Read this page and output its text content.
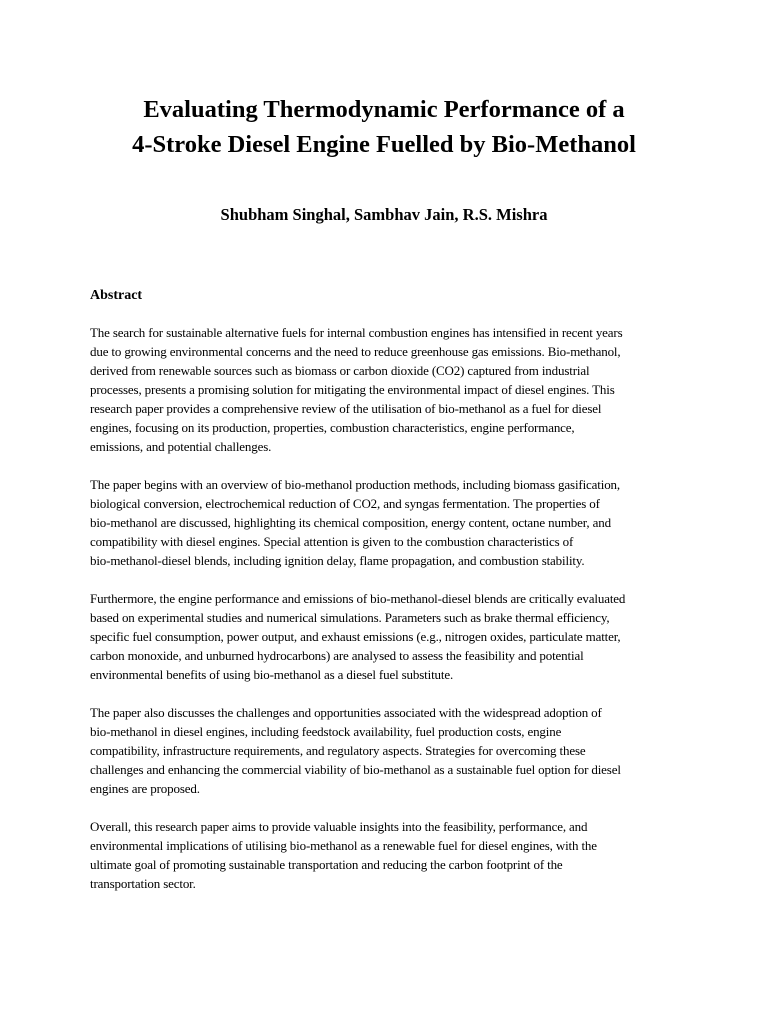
Evaluating Thermodynamic Performance of a
4-Stroke Diesel Engine Fuelled by Bio-Methanol

Shubham Singhal, Sambhav Jain, R.S. Mishra

Abstract

The search for sustainable alternative fuels for internal combustion engines has intensified in recent years
due to growing environmental concerns and the need to reduce greenhouse gas emissions. Bio-methanol,
derived from renewable sources such as biomass or carbon dioxide (CO2) captured from industrial
processes, presents a promising solution for mitigating the environmental impact of diesel engines. This
research paper provides a comprehensive review of the utilisation of bio-methanol as a fuel for diesel
engines, focusing on its production, properties, combustion characteristics, engine performance,
emissions, and potential challenges.

The paper begins with an overview of bio-methanol production methods, including biomass gasification,
biological conversion, electrochemical reduction of CO2, and syngas fermentation. The properties of
bio-methanol are discussed, highlighting its chemical composition, energy content, octane number, and
compatibility with diesel engines. Special attention is given to the combustion characteristics of
bio-methanol-diesel blends, including ignition delay, flame propagation, and combustion stability.

Furthermore, the engine performance and emissions of bio-methanol-diesel blends are critically evaluated
based on experimental studies and numerical simulations. Parameters such as brake thermal efficiency,
specific fuel consumption, power output, and exhaust emissions (e.g., nitrogen oxides, particulate matter,
carbon monoxide, and unburned hydrocarbons) are analysed to assess the feasibility and potential
environmental benefits of using bio-methanol as a diesel fuel substitute.

The paper also discusses the challenges and opportunities associated with the widespread adoption of
bio-methanol in diesel engines, including feedstock availability, fuel production costs, engine
compatibility, infrastructure requirements, and regulatory aspects. Strategies for overcoming these
challenges and enhancing the commercial viability of bio-methanol as a sustainable fuel option for diesel
engines are proposed.

Overall, this research paper aims to provide valuable insights into the feasibility, performance, and
environmental implications of utilising bio-methanol as a renewable fuel for diesel engines, with the
ultimate goal of promoting sustainable transportation and reducing the carbon footprint of the
transportation sector.
